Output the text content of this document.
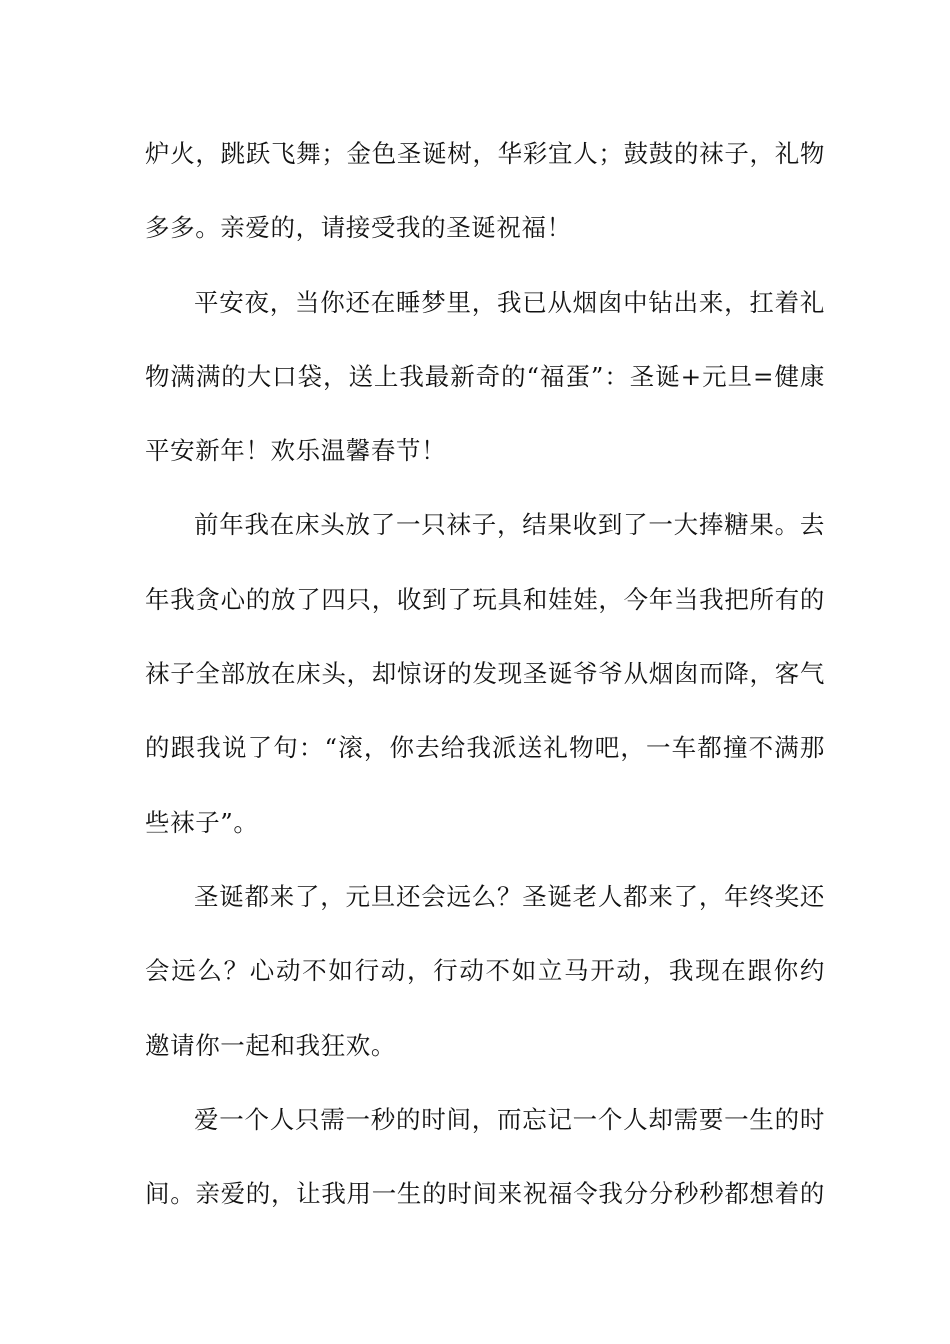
炉火，跳跃飞舞；金色圣诞树，华彩宜人；鼓鼓的袜子，礼物
多多。亲爱的，请接受我的圣诞祝福！
平安夜，当你还在睡梦里，我已从烟囱中钻出来，扛着礼
物满满的大口袋，送上我最新奇的“福蛋”：圣诞+元旦=健康
平安新年！欢乐温馨春节！
前年我在床头放了一只袜子，结果收到了一大捧糖果。去
年我贪心的放了四只，收到了玩具和娃娃，今年当我把所有的
袜子全部放在床头，却惊讶的发现圣诞爷爷从烟囱而降，客气
的跟我说了句：“滚，你去给我派送礼物吧，一车都撞不满那
些袜子”。
圣诞都来了，元旦还会远么？圣诞老人都来了，年终奖还
会远么？心动不如行动，行动不如立马开动，我现在跟你约
邀请你一起和我狂欢。
爱一个人只需一秒的时间，而忘记一个人却需要一生的时
间。亲爱的，让我用一生的时间来祝福令我分分秒秒都想着的
